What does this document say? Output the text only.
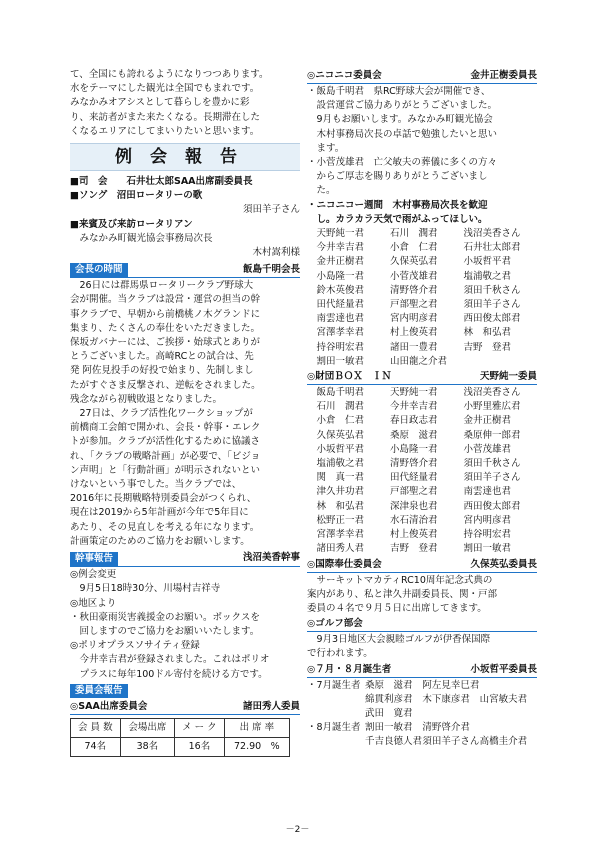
て、全国にも誇れるようになりつつあります。
水をテーマにした観光は全国でもまれです。
みなかみオアシスとして暮らしを豊かに彩
り、来訪者がまた来たくなる。長期滞在した
くなるエリアにしてまいりたいと思います。

例会報告
■司　会　　石井壮太郎SAA出席副委員長
■ソング　沼田ロータリーの歌
須田羊子さん
■来賓及び来訪ロータリアン
みなかみ町観光協会事務局次長
木村嵩利様
会長の時間	飯島千明会長

26日には群馬県ロータリークラブ野球大
会が開催。当クラブは設営・運営の担当の幹
事クラブで、早朝から前橋桃ノ木グランドに
集まり、たくさんの奉仕をいただきました。
保坂ガバナーには、ご挨拶・始球式とありが
とうございました。高崎RCとの試合は、先
発 阿佐見投手の好投で始まり、先制しまし
たがすぐさま反撃され、逆転をされました。
残念ながら初戦敗退となりました。

27日は、クラブ活性化ワークショップが
前橋商工会館で開かれ、会長・幹事・エレク
トが参加。クラブが活性化するために協議さ
れ、「クラブの戦略計画」が必要で、「ビジョ
ン声明」と「行動計画」が明示されないとい
けないという事でした。当クラブでは、
2016年に長期戦略特別委員会がつくられ、
現在は2019から5年計画が今年で5年目に
あたり、その見直しを考える年になります。
計画策定のためのご協力をお願いします。

幹事報告	浅沼美香幹事
◎例会変更
9月5日18時30分、川場村吉祥寺
◎地区より
・秋田豪雨災害義援金のお願い。ボックスを
　回しますのでご協力をお願いいたします。
◎ポリオプラスソサイティ登録
今井幸吉君が登録されました。これはポリオ
プラスに毎年100ドル寄付を続ける方です。
委員会報告
◎SAA出席委員会	諸田秀人委員
会 員 数	会場出席	メ ー ク	出 席 率
74名	38名	16名	72.90　%
◎ニコニコ委員会	金井正樹委員長
・飯島千明君　県RC野球大会が開催でき、
　設営運営ご協力ありがとうございました。
　9月もお願いします。みなかみ町観光協会
　木村事務局次長の卓話で勉強したいと思い
　ます。
・小菅茂雄君　亡父敏夫の葬儀に多くの方々
　からご厚志を賜りありがとうございまし
　た。
・ニコニコー週間　木村事務局次長を歓迎
　し。カラカラ天気で雨がふってほしい。
天野純一君	石川　潤君	浅沼美香さん
今井幸吉君	小倉　仁君	石井壮太郎君
金井正樹君	久保英弘君	小坂哲平君
小島隆一君	小菅茂雄君	塩浦敬之君
鈴木英俊君	清野啓介君	須田千秋さん
田代経量君	戸部聖之君	須田羊子さん
南雲達也君	宮内明彦君	西田俊太郎君
宮澤孝幸君	村上俊英君	林　和弘君
持谷明宏君	諸田一豊君	吉野　登君
割田一敏君	山田龍之介君
◎財団ＢＯＸ　ＩＮ	天野純一委員
飯島千明君	天野純一君	浅沼美香さん
石川　潤君	今井幸吉君	小野里雅広君
小倉　仁君	春日政志君	金井正樹君
久保英弘君	桑原　滋君	桑原伸一郎君
小坂哲平君	小島隆一君	小菅茂雄君
塩浦敬之君	清野啓介君	須田千秋さん
関　真一君	田代経量君	須田羊子さん
津久井功君	戸部聖之君	南雲達也君
林　和弘君	深津泉也君	西田俊太郎君
松野正一君	水石清治君	宮内明彦君
宮澤孝幸君	村上俊英君	持谷明宏君
諸田秀人君	吉野　登君	割田一敏君
◎国際奉仕委員会	久保英弘委員長

サーキットマカティRC10周年記念式典の
案内があり、私と津久井副委員長、関・戸部
委員の４名で９月５日に出席してきます。

◎ゴルフ部会

9月3日地区大会親睦ゴルフが伊香保国際
で行われます。

◎７月・８月誕生者	小坂哲平委員長
・7月誕生者 桑原　滋君	阿左見幸巳君
綿貫利彦君	木下康彦君	山宮敏夫君
武田　寛君
・8月誕生者 割田一敏君	清野啓介君
千吉良德人君 須田羊子さん 高橋圭介君
－2－
